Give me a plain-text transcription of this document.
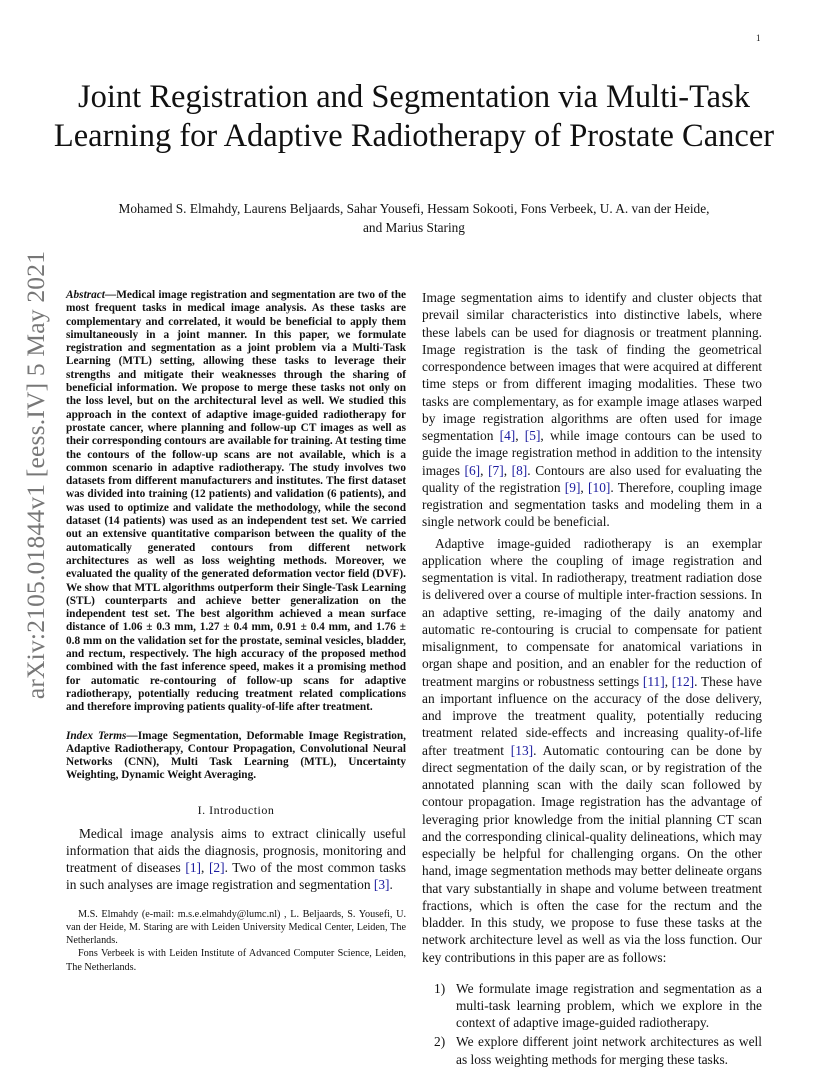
1
arXiv:2105.01844v1 [eess.IV] 5 May 2021
Joint Registration and Segmentation via Multi-Task Learning for Adaptive Radiotherapy of Prostate Cancer
Mohamed S. Elmahdy, Laurens Beljaards, Sahar Yousefi, Hessam Sokooti, Fons Verbeek, U. A. van der Heide,
and Marius Staring

Abstract—Medical image registration and segmentation are two of the most frequent tasks in medical image analysis. As these tasks are complementary and correlated, it would be beneficial to apply them simultaneously in a joint manner. In this paper, we formulate registration and segmentation as a joint problem via a Multi-Task Learning (MTL) setting, allowing these tasks to leverage their strengths and mitigate their weaknesses through the sharing of beneficial information. We propose to merge these tasks not only on the loss level, but on the architectural level as well. We studied this approach in the context of adaptive image-guided radiotherapy for prostate cancer, where planning and follow-up CT images as well as their corresponding contours are available for training. At testing time the contours of the follow-up scans are not available, which is a common scenario in adaptive radiotherapy. The study involves two datasets from different manufacturers and institutes. The first dataset was divided into training (12 patients) and validation (6 patients), and was used to optimize and validate the methodology, while the second dataset (14 patients) was used as an independent test set. We carried out an extensive quantitative comparison between the quality of the automatically generated contours from different network architectures as well as loss weighting methods. Moreover, we evaluated the quality of the generated deformation vector field (DVF). We show that MTL algorithms outperform their Single-Task Learning (STL) counterparts and achieve better generalization on the independent test set. The best algorithm achieved a mean surface distance of 1.06 ± 0.3 mm, 1.27 ± 0.4 mm, 0.91 ± 0.4 mm, and 1.76 ± 0.8 mm on the validation set for the prostate, seminal vesicles, bladder, and rectum, respectively. The high accuracy of the proposed method combined with the fast inference speed, makes it a promising method for automatic re-contouring of follow-up scans for adaptive radiotherapy, potentially reducing treatment related complications and therefore improving patients quality-of-life after treatment.

Index Terms—Image Segmentation, Deformable Image Registration, Adaptive Radiotherapy, Contour Propagation, Convolutional Neural Networks (CNN), Multi Task Learning (MTL), Uncertainty Weighting, Dynamic Weight Averaging.

I. Introduction

Medical image analysis aims to extract clinically useful information that aids the diagnosis, prognosis, monitoring and treatment of diseases [1], [2]. Two of the most common tasks in such analyses are image registration and segmentation [3].

M.S. Elmahdy (e-mail: m.s.e.elmahdy@lumc.nl) , L. Beljaards, S. Yousefi, U. van der Heide, M. Staring are with Leiden University Medical Center, Leiden, The Netherlands.

Fons Verbeek is with Leiden Institute of Advanced Computer Science, Leiden, The Netherlands.

Image segmentation aims to identify and cluster objects that prevail similar characteristics into distinctive labels, where these labels can be used for diagnosis or treatment planning. Image registration is the task of finding the geometrical correspondence between images that were acquired at different time steps or from different imaging modalities. These two tasks are complementary, as for example image atlases warped by image registration algorithms are often used for image segmentation [4], [5], while image contours can be used to guide the image registration method in addition to the intensity images [6], [7], [8]. Contours are also used for evaluating the quality of the registration [9], [10]. Therefore, coupling image registration and segmentation tasks and modeling them in a single network could be beneficial.

Adaptive image-guided radiotherapy is an exemplar application where the coupling of image registration and segmentation is vital. In radiotherapy, treatment radiation dose is delivered over a course of multiple inter-fraction sessions. In an adaptive setting, re-imaging of the daily anatomy and automatic re-contouring is crucial to compensate for patient misalignment, to compensate for anatomical variations in organ shape and position, and an enabler for the reduction of treatment margins or robustness settings [11], [12]. These have an important influence on the accuracy of the dose delivery, and improve the treatment quality, potentially reducing treatment related side-effects and increasing quality-of-life after treatment [13]. Automatic contouring can be done by direct segmentation of the daily scan, or by registration of the annotated planning scan with the daily scan followed by contour propagation. Image registration has the advantage of leveraging prior knowledge from the initial planning CT scan and the corresponding clinical-quality delineations, which may especially be helpful for challenging organs. On the other hand, image segmentation methods may better delineate organs that vary substantially in shape and volume between treatment fractions, which is often the case for the rectum and the bladder. In this study, we propose to fuse these tasks at the network architecture level as well as via the loss function. Our key contributions in this paper are as follows:

1) We formulate image registration and segmentation as a multi-task learning problem, which we explore in the context of adaptive image-guided radiotherapy.
2) We explore different joint network architectures as well as loss weighting methods for merging these tasks.
